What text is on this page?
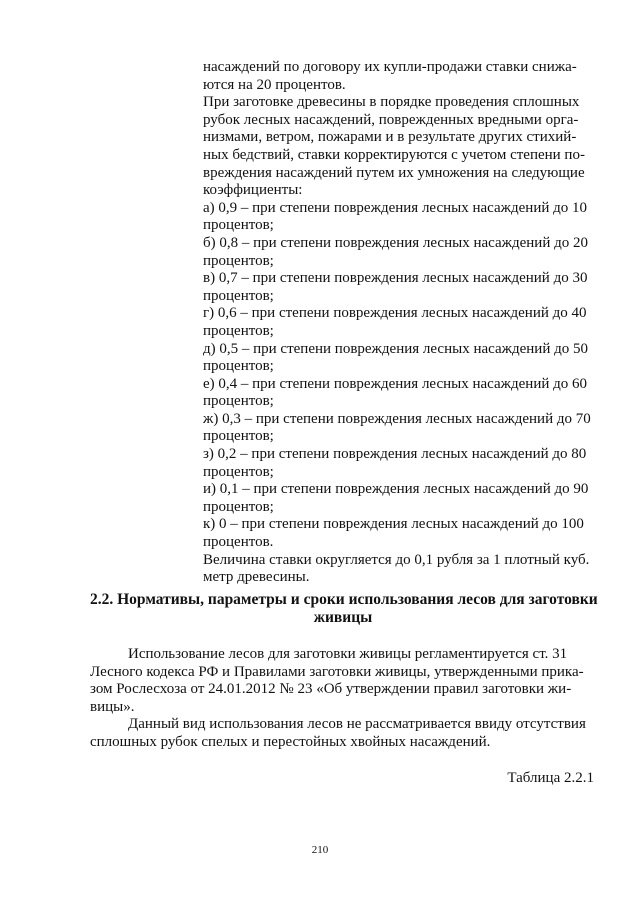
насаждений по договору их купли-продажи ставки снижа-
ются на 20 процентов.
При заготовке древесины в порядке проведения сплошных
рубок лесных насаждений, поврежденных вредными орга-
низмами, ветром, пожарами и в результате других стихий-
ных бедствий, ставки корректируются с учетом степени по-
вреждения насаждений путем их умножения на следующие
коэффициенты:
а) 0,9 – при степени повреждения лесных насаждений до 10
процентов;
б) 0,8 – при степени повреждения лесных насаждений до 20
процентов;
в) 0,7 – при степени повреждения лесных насаждений до 30
процентов;
г) 0,6 – при степени повреждения лесных насаждений до 40
процентов;
д) 0,5 – при степени повреждения лесных насаждений до 50
процентов;
е) 0,4 – при степени повреждения лесных насаждений до 60
процентов;
ж) 0,3 – при степени повреждения лесных насаждений до 70
процентов;
з) 0,2 – при степени повреждения лесных насаждений до 80
процентов;
и) 0,1 – при степени повреждения лесных насаждений до 90
процентов;
к) 0 – при степени повреждения лесных насаждений до 100
процентов.
Величина ставки округляется до 0,1 рубля за 1 плотный куб.
метр древесины.
2.2. Нормативы, параметры и сроки использования лесов для заготовки
живицы
Использование лесов для заготовки живицы регламентируется ст. 31
Лесного кодекса РФ и Правилами заготовки живицы, утвержденными прика-
зом Рослесхоза от 24.01.2012 № 23 «Об утверждении правил заготовки жи-
вицы».
Данный вид использования лесов не рассматривается ввиду отсутствия
сплошных рубок спелых и перестойных хвойных насаждений.
Таблица 2.2.1
210
